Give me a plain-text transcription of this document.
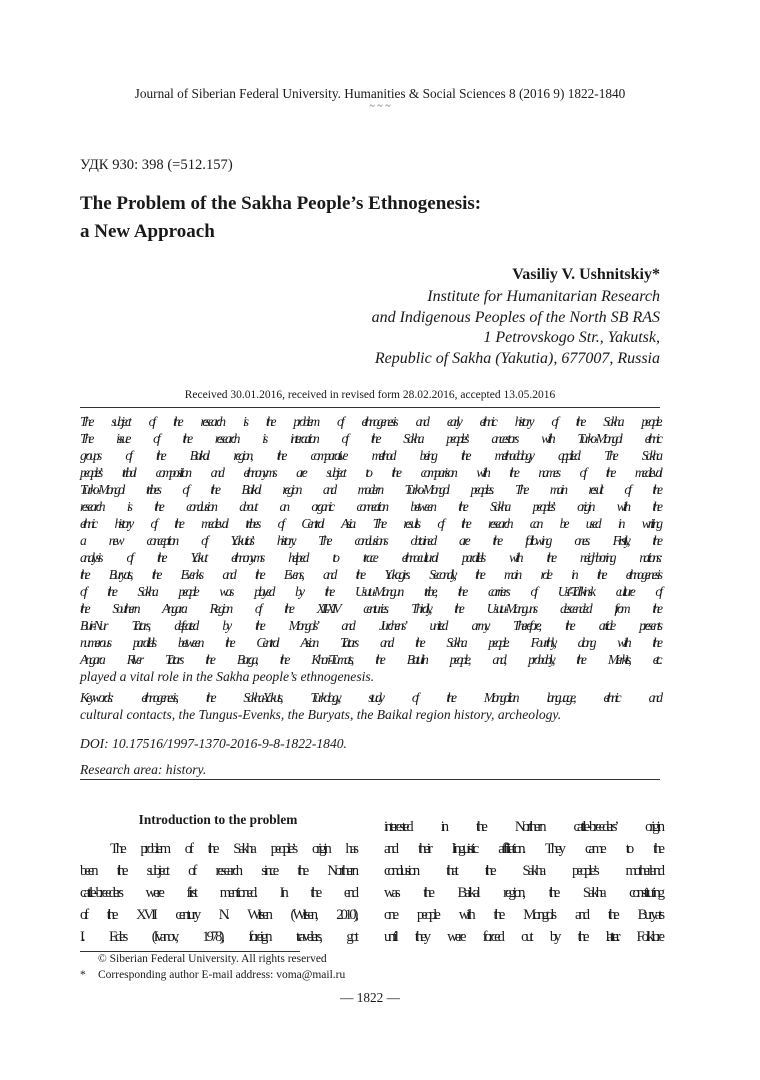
Journal of Siberian Federal University. Humanities & Social Sciences 8 (2016 9) 1822-1840
~ ~ ~
УДК 930: 398 (=512.157)
The Problem of the Sakha People’s Ethnogenesis:
a New Approach
Vasiliy V. Ushnitskiy*
Institute for Humanitarian Research
and Indigenous Peoples of the North SB RAS
1 Petrovskogo Str., Yakutsk,
Republic of Sakha (Yakutia), 677007, Russia
Received 30.01.2016, received in revised form 28.02.2016, accepted 13.05.2016
The subject of the research is the problem of ethnogenesis and early ethnic history of the Sakha people.
The issue of the research is interaction of the Sakha people’s ancestors with Turko-Mongol ethnic
groups of the Baikal region, the comparative method being the methodology applied. The Sakha
people’s tribal composition and ethnonyms are subject to the comparison with the names of the medieval
Turko-Mongol tribes of the Baikal region and modern Turko-Mongol peoples. The main result of the
research is the conclusion about an organic connection between the Sakha people’s origin with the
ethnic history of the medieval tribes of Central Asia. The results of the research can be used in writing
a new conception of Yakutia’s history. The conclusions obtained are the following ones. Firstly, the
analysis of the Yakut ethnonyms helped to trace ethnocultural parallels with the neighboring nations:
the Buryats, the Evenks and the Evens, and the Yukagirs. Secondly, the main role in the ethnogenesis
of the Sakha people was played by the Usutu-Mangun tribe, the carriers of Ust’-Tal’kinsk culture of
the Southern Angara Region of the XII-XIV centuries. Thirdly, the Usutu-Manguns descended from the
Buir-Nur Tatars, defeated by the Mongols’ and Jurchens’ united army. Therefore, the article presents
numerous parallels between the Central Asian Tatars and the Sakha people. Fourthly, along with the
Angara River Tatars the Barga, the Khori-Tumats, the Batulin people, and, probably, the Merkits, etc.
played a vital role in the Sakha people’s ethnogenesis.
Keywords: ethnogenesis, the Sakha-Yakuts, Turkology, study of the Mongolian language, ethnic and
cultural contacts, the Tungus-Evenks, the Buryats, the Baikal region history, archeology.
DOI: 10.17516/1997-1370-2016-9-8-1822-1840.
Research area: history.
Introduction to the problem
The problem of the Sakha people’s origin has
been the subject of research since the Northern
cattle-breeders were first mentioned. In the end
of the XVII century N. Witsen (Witsen, 2010),
I. Edes (Ivanov, 1978), foreign travelers, got
interested in the Northern cattle-breeders’ origin
and their linguistic affiliation. They came to the
conclusion that the Sakha people’s motherland
was the Baikal region, the Sakha constituting
one people with the Mongols and the Buryats
until they were forced out by the latter. Folklore
© Siberian Federal University. All rights reserved
* Corresponding author E-mail address: voma@mail.ru
— 1822 —
